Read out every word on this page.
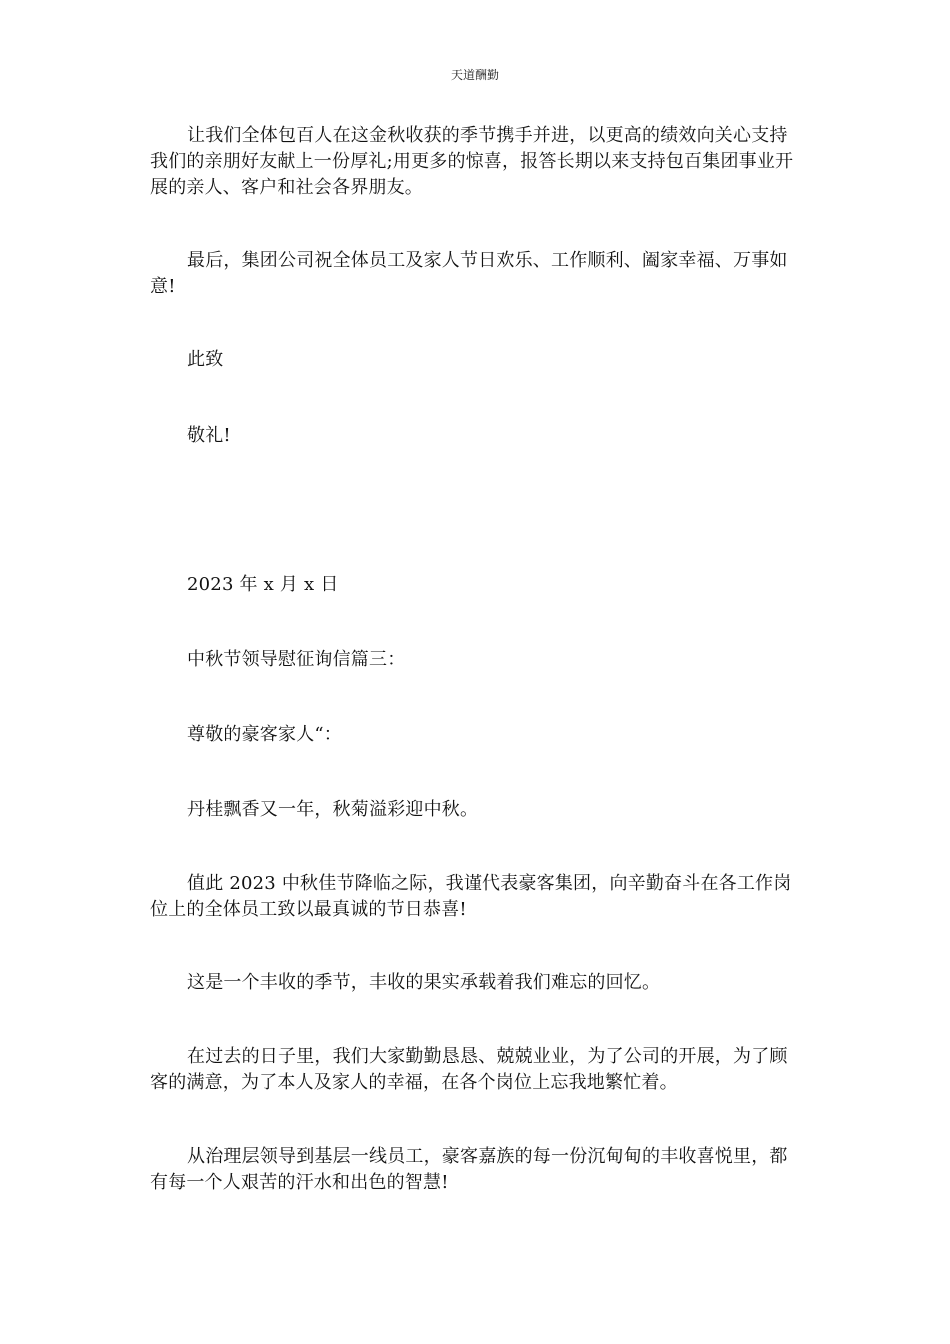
天道酬勤

让我们全体包百人在这金秋收获的季节携手并进，以更高的绩效向关心支持我们的亲朋好友献上一份厚礼;用更多的惊喜，报答长期以来支持包百集团事业开展的亲人、客户和社会各界朋友。

最后，集团公司祝全体员工及家人节日欢乐、工作顺利、阖家幸福、万事如意!

此致

敬礼!

2023 年 x 月 x 日

中秋节领导慰征询信篇三：

尊敬的豪客家人“：

丹桂飘香又一年，秋菊溢彩迎中秋。

值此 2023 中秋佳节降临之际，我谨代表豪客集团，向辛勤奋斗在各工作岗位上的全体员工致以最真诚的节日恭喜!

这是一个丰收的季节，丰收的果实承载着我们难忘的回忆。

在过去的日子里，我们大家勤勤恳恳、兢兢业业，为了公司的开展，为了顾客的满意，为了本人及家人的幸福，在各个岗位上忘我地繁忙着。

从治理层领导到基层一线员工，豪客嘉族的每一份沉甸甸的丰收喜悦里，都有每一个人艰苦的汗水和出色的智慧!
